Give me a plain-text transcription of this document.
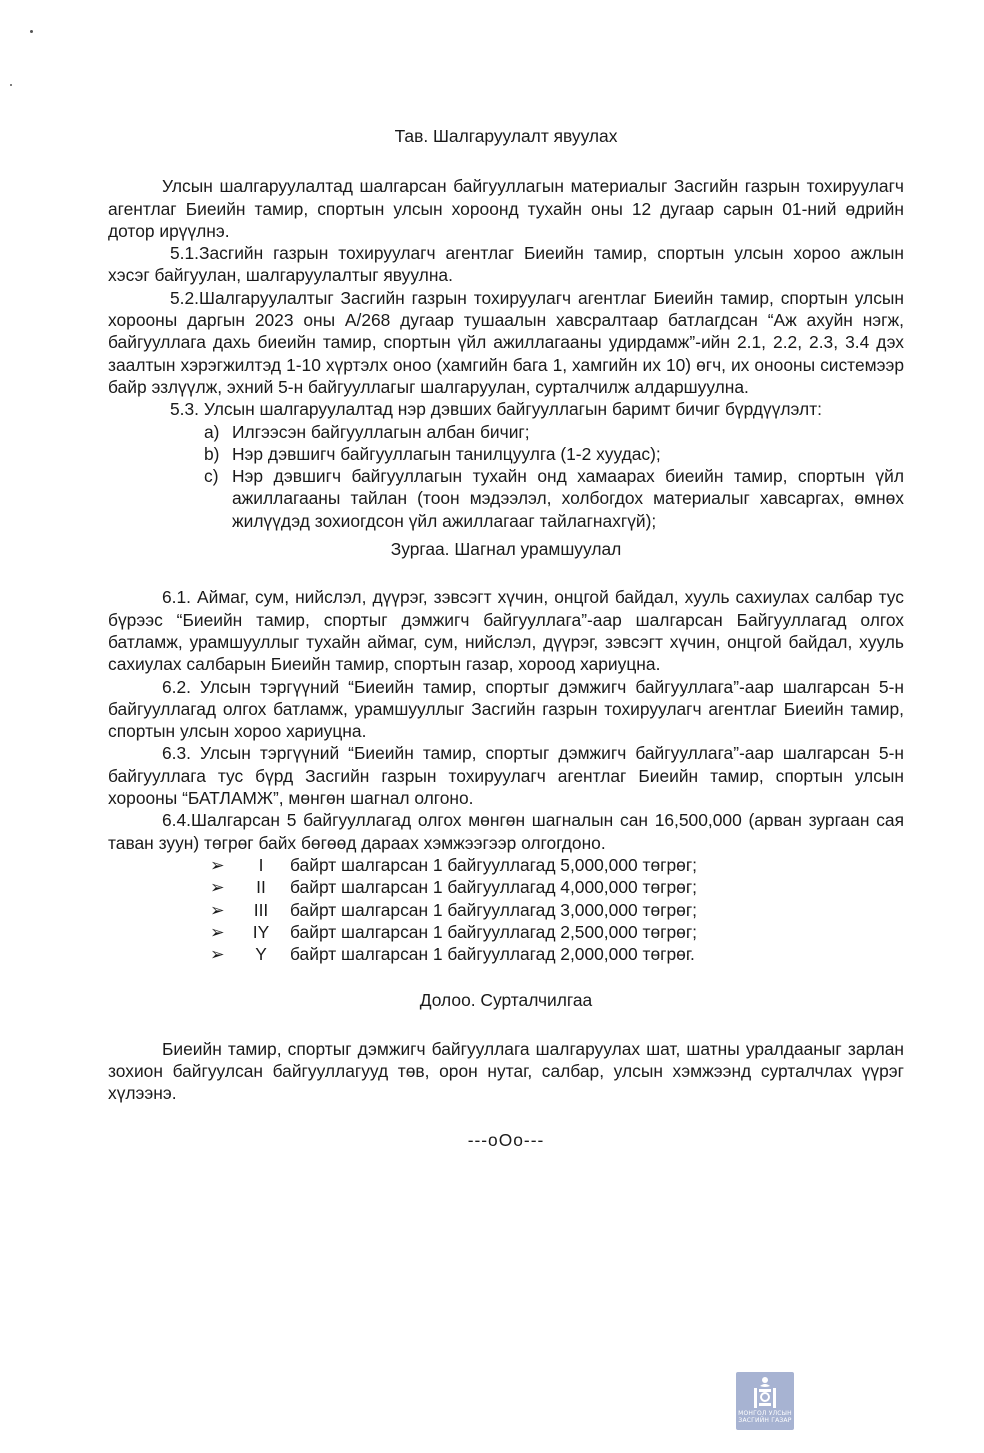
Тав. Шалгаруулалт явуулах

Улсын шалгаруулалтад шалгарсан байгууллагын материалыг Засгийн газрын тохируулагч агентлаг Биеийн тамир, спортын улсын хороонд тухайн оны 12 дугаар сарын 01-ний өдрийн дотор ирүүлнэ.

5.1.Засгийн газрын тохируулагч агентлаг Биеийн тамир, спортын улсын хороо ажлын хэсэг байгуулан, шалгаруулалтыг явуулна.

5.2.Шалгаруулалтыг Засгийн газрын тохируулагч агентлаг Биеийн тамир, спортын улсын хорооны даргын 2023 оны А/268 дугаар тушаалын хавсралтаар батлагдсан “Аж ахуйн нэгж, байгууллага дахь биеийн тамир, спортын үйл ажиллагааны удирдамж”-ийн 2.1, 2.2, 2.3, 3.4 дэх заалтын хэрэгжилтэд 1-10 хүртэлх оноо (хамгийн бага 1, хамгийн их 10) өгч, их онооны системээр байр эзлүүлж, эхний 5-н байгууллагыг шалгаруулан, сурталчилж алдаршуулна.

5.3. Улсын шалгаруулалтад нэр дэвших байгууллагын баримт бичиг бүрдүүлэлт:

a) Илгээсэн байгууллагын албан бичиг;
b) Нэр дэвшигч байгууллагын танилцуулга (1-2 хуудас);
c) Нэр дэвшигч байгууллагын тухайн онд хамаарах биеийн тамир, спортын үйл ажиллагааны тайлан (тоон мэдээлэл, холбогдох материалыг хавсаргах, өмнөх жилүүдэд зохиогдсон үйл ажиллагааг тайлагнахгүй);

Зургаа. Шагнал урамшуулал

6.1. Аймаг, сум, нийслэл, дүүрэг, зэвсэгт хүчин, онцгой байдал, хууль сахиулах салбар тус бүрээс “Биеийн тамир, спортыг дэмжигч байгууллага”-аар шалгарсан Байгууллагад олгох батламж, урамшууллыг тухайн аймаг, сум, нийслэл, дүүрэг, зэвсэгт хүчин, онцгой байдал, хууль сахиулах салбарын Биеийн тамир, спортын газар, хороод хариуцна.

6.2. Улсын тэргүүний “Биеийн тамир, спортыг дэмжигч байгууллага”-аар шалгарсан 5-н байгууллагад олгох батламж, урамшууллыг Засгийн газрын тохируулагч агентлаг Биеийн тамир, спортын улсын хороо хариуцна.

6.3. Улсын тэргүүний “Биеийн тамир, спортыг дэмжигч байгууллага”-аар шалгарсан 5-н байгууллага тус бүрд Засгийн газрын тохируулагч агентлаг Биеийн тамир, спортын улсын хорооны “БАТЛАМЖ”, мөнгөн шагнал олгоно.

6.4.Шалгарсан 5 байгууллагад олгох мөнгөн шагналын сан 16,500,000 (арван зургаан сая таван зуун) төгрөг байх бөгөөд дараах хэмжээгээр олгогдоно.

➢	I	байрт шалгарсан 1 байгууллагад 5,000,000 төгрөг;
➢	II	байрт шалгарсан 1 байгууллагад 4,000,000 төгрөг;
➢	III	байрт шалгарсан 1 байгууллагад 3,000,000 төгрөг;
➢	IY	байрт шалгарсан 1 байгууллагад 2,500,000 төгрөг;
➢	Y	байрт шалгарсан 1 байгууллагад 2,000,000 төгрөг.

Долоо. Сурталчилгаа

Биеийн тамир, спортыг дэмжигч байгууллага шалгаруулах шат, шатны уралдааныг зарлан зохион байгуулсан байгууллагууд төв, орон нутаг, салбар, улсын хэмжээнд сурталчлах үүрэг хүлээнэ.

---oOo---

МОНГОЛ УЛСЫН
ЗАСГИЙН ГАЗАР
